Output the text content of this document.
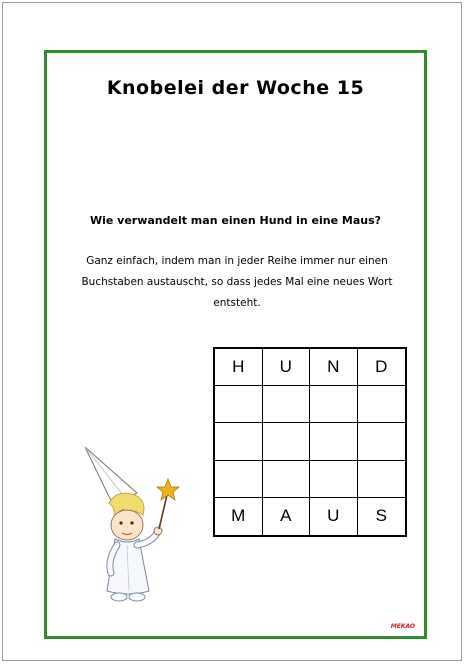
Knobelei der Woche 15
Wie verwandelt man einen Hund in eine Maus?
Ganz einfach, indem man in jeder Reihe immer nur einen Buchstaben austauscht, so dass jedes Mal eine neues Wort entsteht.
H	U	N	D
M	A	U	S
MEKAO
